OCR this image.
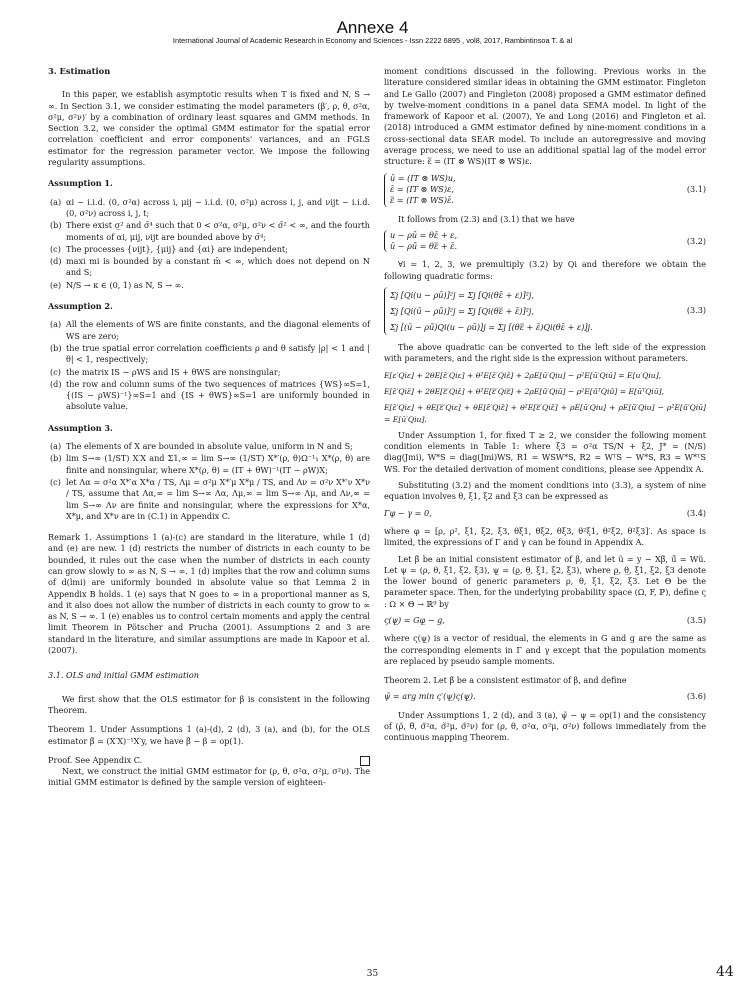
Annexe 4
International Journal of Academic Research in Economy and Sciences - Issn 2222 6895 , vol8, 2017, Rambintinsoa T. & al
3. Estimation

In this paper, we establish asymptotic results when T is fixed and N, S → ∞. In Section 3.1, we consider estimating the model parameters (β′, ρ, θ, σ²α, σ²μ, σ²ν)′ by a combination of ordinary least squares and GMM methods. In Section 3.2, we consider the optimal GMM estimator for the spatial error correlation coefficient and error components' variances, and an FGLS estimator for the regression parameter vector. We impose the following regularity assumptions.

Assumption 1.
(a) αi ~ i.i.d. (0, σ²α) across i, μij ~ i.i.d. (0, σ²μ) across i, j, and νijt ~ i.i.d. (0, σ²ν) across i, j, t;
(b) There exist σ̲² and σ̄⁴ such that 0 < σ²α, σ²μ, σ²ν < σ̄² < ∞, and the fourth moments of αi, μij, νijt are bounded above by σ̄⁴;
(c) The processes {νijt}, {μij} and {αi} are independent;
(d) maxi mi is bounded by a constant m̄ < ∞, which does not depend on N and S;
(e) N/S → κ ∈ (0, 1) as N, S → ∞.
Assumption 2.
(a) All the elements of WS are finite constants, and the diagonal elements of WS are zero;
(b) the true spatial error correlation coefficients ρ and θ satisfy |ρ| < 1 and |θ| < 1, respectively;
(c) the matrix IS − ρWS and IS + θWS are nonsingular;
(d) the row and column sums of the two sequences of matrices {WS}∞S=1, {(IS − ρWS)⁻¹}∞S=1 and {IS + θWS}∞S=1 are uniformly bounded in absolute value.
Assumption 3.
(a) The elements of X are bounded in absolute value, uniform in N and S;
(b) lim S→∞ (1/ST) X′X and Σ1,∞ = lim S→∞ (1/ST) X*′(ρ, θ)Ω⁻¹₁ X*(ρ, θ) are finite and nonsingular, where X*(ρ, θ) = (IT + θW)⁻¹(IT − ρW)X;
(c) let Λα = σ²α X*′α X*α / TS, Λμ = σ²μ X*′μ X*μ / TS, and Λν = σ²ν X*′ν X*ν / TS, assume that Λα,∞ = lim S→∞ Λα, Λμ,∞ = lim S→∞ Λμ, and Λν,∞ = lim S→∞ Λν are finite and nonsingular, where the expressions for X*α, X*μ, and X*ν are in (C.1) in Appendix C.

Remark 1. Assumptions 1 (a)-(c) are standard in the literature, while 1 (d) and (e) are new. 1 (d) restricts the number of districts in each county to be bounded, it rules out the case when the number of districts in each county can grow slowly to ∞ as N, S → ∞. 1 (d) implies that the row and column sums of d(lmi) are uniformly bounded in absolute value so that Lemma 2 in Appendix B holds. 1 (e) says that N goes to ∞ in a proportional manner as S, and it also does not allow the number of districts in each county to grow to ∞ as N, S → ∞. 1 (e) enables us to control certain moments and apply the central limit Theorem in Pötscher and Prucha (2001). Assumptions 2 and 3 are standard in the literature, and similar assumptions are made in Kapoor et al. (2007).

3.1. OLS and initial GMM estimation

We first show that the OLS estimator for β is consistent in the following Theorem.

Theorem 1. Under Assumptions 1 (a)-(d), 2 (d), 3 (a), and (b), for the OLS estimator β̃ = (X′X)⁻¹X′y, we have β̃ − β = op(1).

Proof. See Appendix C.

Next, we construct the initial GMM estimator for (ρ, θ, σ²α, σ²μ, σ²ν). The initial GMM estimator is defined by the sample version of eighteen-

moment conditions discussed in the following. Previous works in the literature considered similar ideas in obtaining the GMM estimator. Fingleton and Le Gallo (2007) and Fingleton (2008) proposed a GMM estimator defined by twelve-moment conditions in a panel data SEMA model. In light of the framework of Kapoor et al. (2007), Ye and Long (2016) and Fingleton et al. (2018) introduced a GMM estimator defined by nine-moment conditions in a cross-sectional data SEAR model. To include an autoregressive and moving average process, we need to use an additional spatial lag of the model error structure: ε̿ = (IT ⊗ WS)(IT ⊗ WS)ε.

ū = (IT ⊗ WS)u,
ε̄ = (IT ⊗ WS)ε,
ε̿ = (IT ⊗ WS)ε̄.
(3.1)

It follows from (2.3) and (3.1) that we have

u − ρū = θε̄ + ε,
ū − ρū̄ = θε̿ + ε̄.
(3.2)

∀i = 1, 2, 3, we premultiply (3.2) by Qi and therefore we obtain the following quadratic forms:

Σj [Qi(u − ρū)]²j = Σj [Qi(θε̄ + ε)]²j,
Σj [Qi(ū − ρū̄)]²j = Σj [Qi(θε̿ + ε̄)]²j,
Σj [(ū − ρū̄)Qi(u − ρū)]j = Σj [(θε̿ + ε̄)Qi(θε̄ + ε)]j.
(3.3)

The above quadratic can be converted to the left side of the expression with parameters, and the right side is the expression without parameters.

E[ε′Qiε] + 2θE[ε̄′Qiε] + θ²E[ε̄′Qiε̄] + 2ρE[ū′Qiu] − ρ²E[ū′Qiū] = E[u′Qiu],

E[ε̄′Qiε̄] + 2θE[ε̿′Qiε̄] + θ²E[ε̿′Qiε̿] + 2ρE[ū̄′Qiū] − ρ²E[ū̄ᵀQiū̄] = E[ūᵀQiū],

E[ε̄′Qiε] + θE[ε̿′Qiε] + θE[ε̄′Qiε̄] + θ²E[ε̿′Qiε̄] + ρE[ū′Qiu] + ρE[ū̄′Qiu] − ρ²E[ū̄′Qiū] = E[ū′Qiu].

Under Assumption 1, for fixed T ≥ 2, we consider the following moment condition elements in Table 1: where ξ3 = σ²α TS/N + ξ2, J* = (N/S) diag(Jmi), W*S = diag(Jmi)WS, R1 = WSW*S, R2 = WᵀS − W*S, R3 = W*ᵀS WS. For the detailed derivation of moment conditions, please see Appendix A.

Substituting (3.2) and the moment conditions into (3.3), a system of nine equation involves θ, ξ1, ξ2 and ξ3 can be expressed as

Γφ − γ = 0,	(3.4)

where φ = [ρ, ρ², ξ1, ξ2, ξ3, θξ1, θξ2, θξ3, θ²ξ1, θ²ξ2, θ²ξ3]′. As space is limited, the expressions of Γ and γ can be found in Appendix A.

Let β̃ be an initial consistent estimator of β, and let ũ = y − Xβ̃, ū̃ = Wũ. Let ψ = (ρ, θ, ξ1, ξ2, ξ3), ψ̲ = (ρ̲, θ̲, ξ̲1, ξ̲2, ξ̲3), where ρ̲, θ̲, ξ̲1, ξ̲2, ξ̲3 denote the lower bound of generic parameters ρ, θ, ξ1, ξ2, ξ3. Let Θ be the parameter space. Then, for the underlying probability space (Ω, F, ℙ), define ς : Ω × Θ → ℝ⁹ by

ς(ψ̲) = Gφ̲ − g,	(3.5)

where ς(ψ̲) is a vector of residual, the elements in G and g are the same as the corresponding elements in Γ and γ except that the population moments are replaced by pseudo sample moments.

Theorem 2. Let β̃ be a consistent estimator of β, and define

ψ̃ = arg min ς′(ψ̲)ς(ψ̲).	(3.6)

Under Assumptions 1, 2 (d), and 3 (a), ψ̃ − ψ = op(1) and the consistency of (ρ̃, θ̃, σ̃²α, σ̃²μ, σ̃²ν) for (ρ, θ, σ²α, σ²μ, σ²ν) follows immediately from the continuous mapping Theorem.

35	44
